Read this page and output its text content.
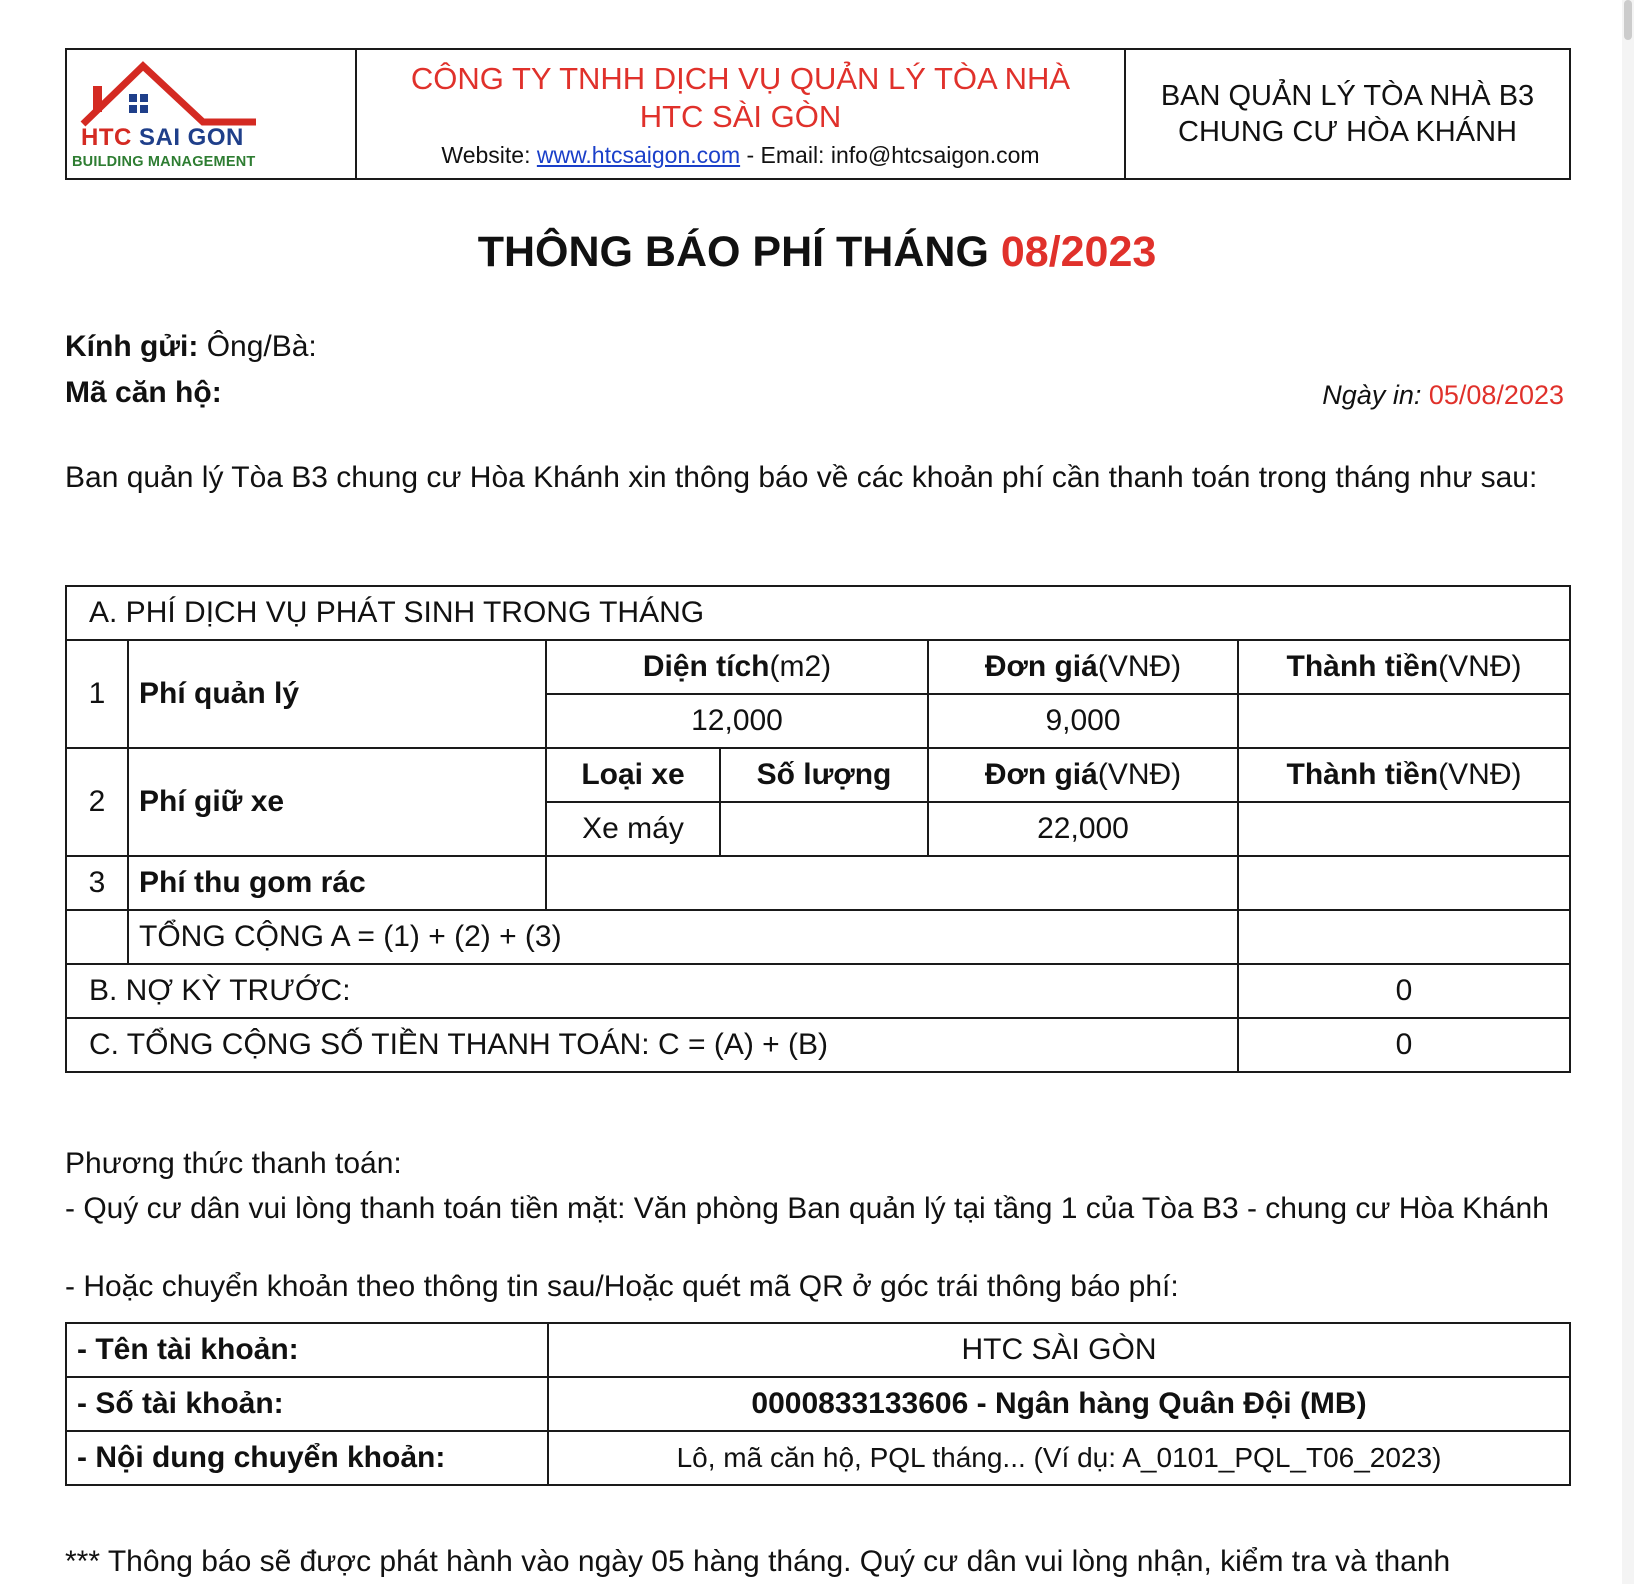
HTC SAI GON
BUILDING MANAGEMENT

CÔNG TY TNHH DỊCH VỤ QUẢN LÝ TÒA NHÀ
HTC SÀI GÒN
Website: www.htcsaigon.com - Email: info@htcsaigon.com

BAN QUẢN LÝ TÒA NHÀ B3
CHUNG CƯ HÒA KHÁNH
THÔNG BÁO PHÍ THÁNG 08/2023
Kính gửi: Ông/Bà:
Mã căn hộ:	Ngày in: 05/08/2023
Ban quản lý Tòa B3 chung cư Hòa Khánh xin thông báo về các khoản phí cần thanh toán trong tháng như sau:
A. PHÍ DỊCH VỤ PHÁT SINH TRONG THÁNG					
1	Phí quản lý	Diện tích(m2)		Đơn giá(VNĐ)	Thành tiền(VNĐ)
		12,000		9,000	
2	Phí giữ xe	Loại xe	Số lượng	Đơn giá(VNĐ)	Thành tiền(VNĐ)
		Xe máy		22,000	
3	Phí thu gom rác				
	TỔNG CỘNG A = (1) + (2) + (3)				
B. NỢ KỲ TRƯỚC:					0
C. TỔNG CỘNG SỐ TIỀN THANH TOÁN: C = (A) + (B)					0
Phương thức thanh toán:
- Quý cư dân vui lòng thanh toán tiền mặt: Văn phòng Ban quản lý tại tầng 1 của Tòa B3 - chung cư Hòa Khánh
- Hoặc chuyển khoản theo thông tin sau/Hoặc quét mã QR ở góc trái thông báo phí:
- Tên tài khoản:	HTC SÀI GÒN
- Số tài khoản:	0000833133606 - Ngân hàng Quân Đội (MB)
- Nội dung chuyển khoản:	Lô, mã căn hộ, PQL tháng... (Ví dụ: A_0101_PQL_T06_2023)
*** Thông báo sẽ được phát hành vào ngày 05 hàng tháng. Quý cư dân vui lòng nhận, kiểm tra và thanh
